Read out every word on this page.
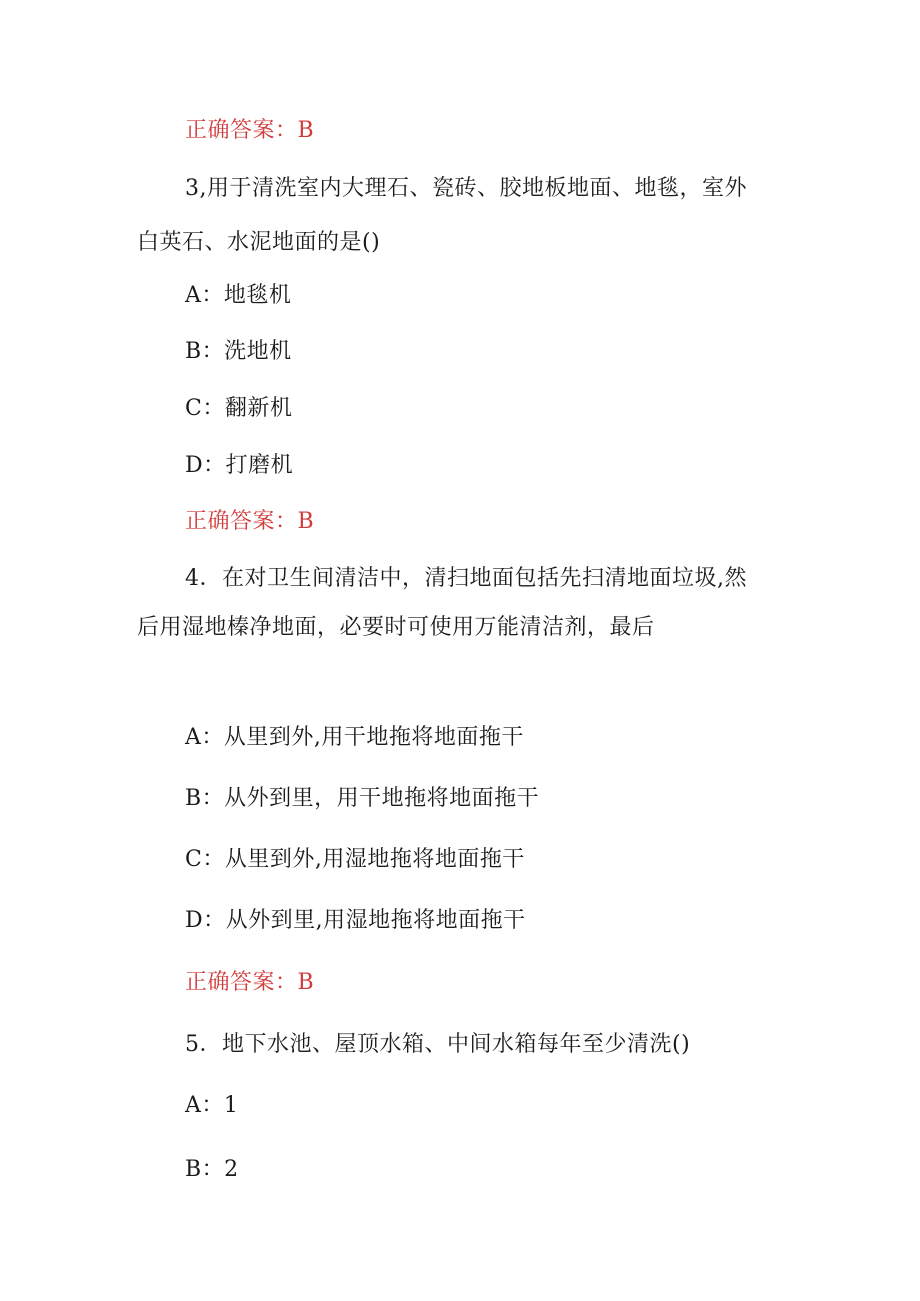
正确答案：B
3,用于清洗室内大理石、瓷砖、胶地板地面、地毯，室外
白英石、水泥地面的是()
A：地毯机
B：洗地机
C：翻新机
D：打磨机
正确答案：B
4．在对卫生间清洁中，清扫地面包括先扫清地面垃圾,然
后用湿地榛净地面，必要时可使用万能清洁剂，最后
A：从里到外,用干地拖将地面拖干
B：从外到里，用干地拖将地面拖干
C：从里到外,用湿地拖将地面拖干
D：从外到里,用湿地拖将地面拖干
正确答案：B
5．地下水池、屋顶水箱、中间水箱每年至少清洗()
A：1
B：2
